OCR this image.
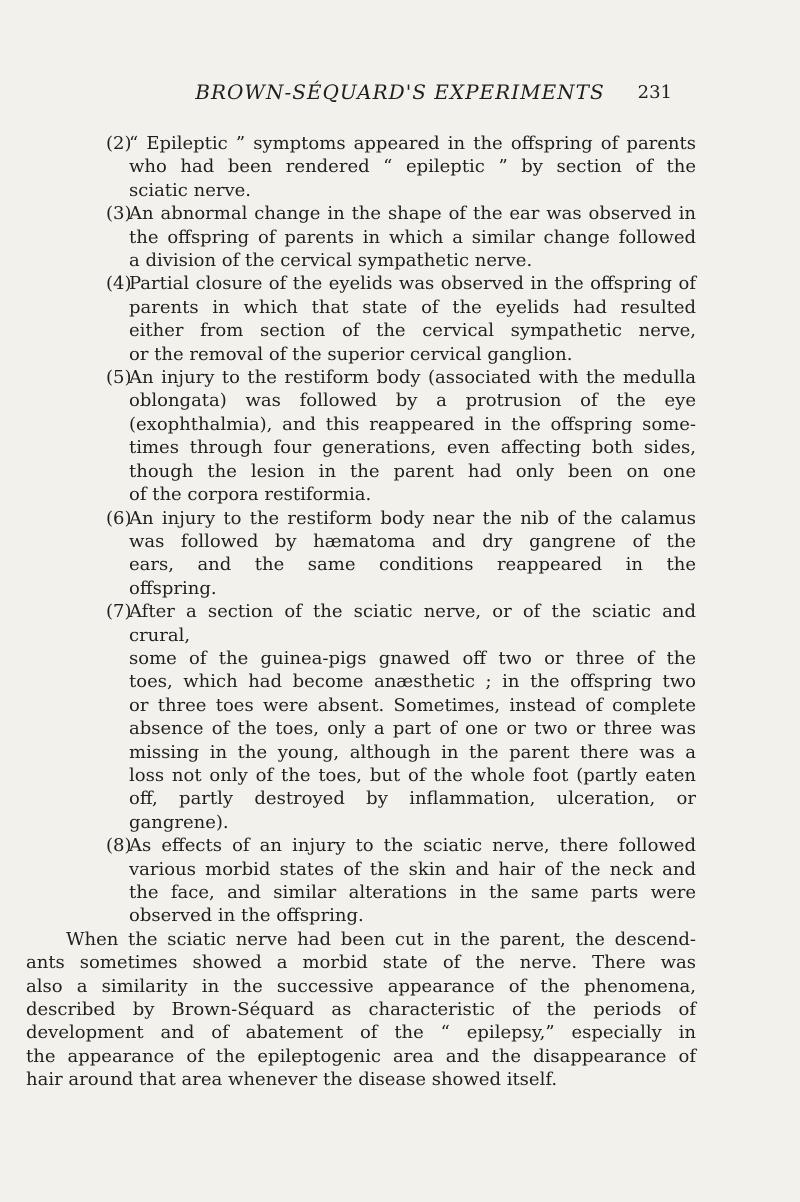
BROWN-SÉQUARD'S EXPERIMENTS	231
(2)
“ Epileptic ” symptoms appeared in the offspring of parents
who had been rendered “ epileptic ” by section of the
sciatic nerve.
(3)
An abnormal change in the shape of the ear was observed in
the offspring of parents in which a similar change followed
a division of the cervical sympathetic nerve.
(4)
Partial closure of the eyelids was observed in the offspring of
parents in which that state of the eyelids had resulted
either from section of the cervical sympathetic nerve,
or the removal of the superior cervical ganglion.
(5)
An injury to the restiform body (associated with the medulla
oblongata) was followed by a protrusion of the eye
(exophthalmia), and this reappeared in the offspring some-
times through four generations, even affecting both sides,
though the lesion in the parent had only been on one
of the corpora restiformia.
(6)
An injury to the restiform body near the nib of the calamus
was followed by hæmatoma and dry gangrene of the
ears, and the same conditions reappeared in the
offspring.
(7)
After a section of the sciatic nerve, or of the sciatic and crural,
some of the guinea-pigs gnawed off two or three of the
toes, which had become anæsthetic ; in the offspring two
or three toes were absent. Sometimes, instead of complete
absence of the toes, only a part of one or two or three was
missing in the young, although in the parent there was a
loss not only of the toes, but of the whole foot (partly eaten
off, partly destroyed by inflammation, ulceration, or
gangrene).
(8)
As effects of an injury to the sciatic nerve, there followed
various morbid states of the skin and hair of the neck and
the face, and similar alterations in the same parts were
observed in the offspring.
When the sciatic nerve had been cut in the parent, the descend-
ants sometimes showed a morbid state of the nerve. There was
also a similarity in the successive appearance of the phenomena,
described by Brown-Séquard as characteristic of the periods of
development and of abatement of the “ epilepsy,” especially in
the appearance of the epileptogenic area and the disappearance of
hair around that area whenever the disease showed itself.
